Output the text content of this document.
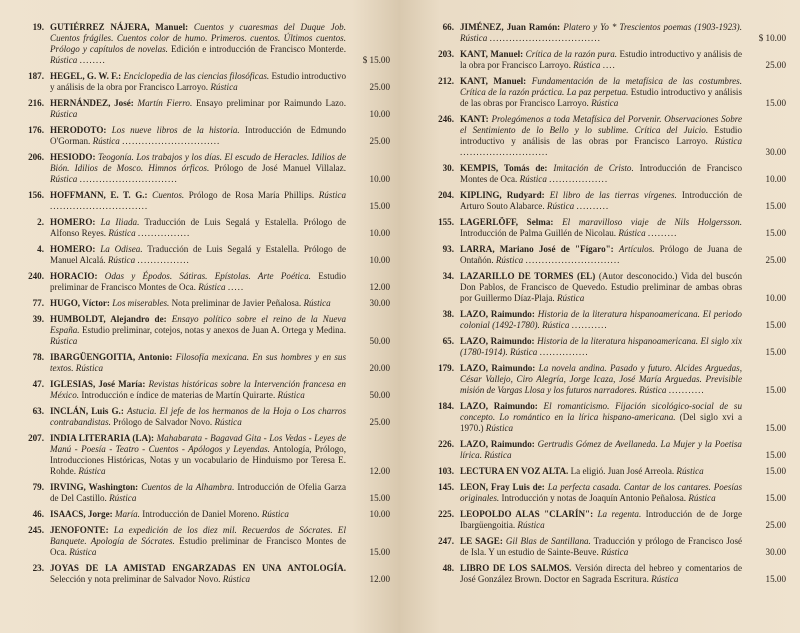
19. GUTIÉRREZ NÁJERA, Manuel: Cuentos y cuaresmas del Duque Job. Cuentos frágiles. Cuentos color de humo. Primeros. cuentos. Últimos cuentos. Prólogo y capítulos de novelas. Edición e introducción de Francisco Monterde. Rústica ........	$ 15.00
187. HEGEL, G. W. F.: Enciclopedia de las ciencias filosóficas. Estudio introductivo y análisis de la obra por Francisco Larroyo. Rústica	25.00
216. HERNÁNDEZ, José: Martín Fierro. Ensayo preliminar por Raimundo Lazo. Rústica	10.00
176. HERODOTO: Los nueve libros de la historia. Introducción de Edmundo O'Gorman. Rústica ..............................	25.00
206. HESIODO: Teogonía. Los trabajos y los días. El escudo de Heracles. Idilios de Bión. Idilios de Mosco. Himnos órficos. Prólogo de José Manuel Villalaz. Rústica ..............................	10.00
156. HOFFMANN, E. T. G.: Cuentos. Prólogo de Rosa María Phillips. Rústica ..............................	15.00
2. HOMERO: La Iliada. Traducción de Luis Segalá y Estalella. Prólogo de Alfonso Reyes. Rústica ................	10.00
4. HOMERO: La Odisea. Traducción de Luis Segalá y Estalella. Prólogo de Manuel Alcalá. Rústica ................	10.00
240. HORACIO: Odas y Épodos. Sátiras. Epístolas. Arte Poética. Estudio preliminar de Francisco Montes de Oca. Rústica .....	12.00
77. HUGO, Víctor: Los miserables. Nota preliminar de Javier Peñalosa. Rústica	30.00
39. HUMBOLDT, Alejandro de: Ensayo político sobre el reino de la Nueva España. Estudio preliminar, cotejos, notas y anexos de Juan A. Ortega y Medina. Rústica	50.00
78. IBARGÜENGOITIA, Antonio: Filosofía mexicana. En sus hombres y en sus textos. Rústica	20.00
47. IGLESIAS, José María: Revistas históricas sobre la Intervención francesa en México. Introducción e índice de materias de Martín Quirarte. Rústica	50.00
63. INCLÁN, Luis G.: Astucia. El jefe de los hermanos de la Hoja o Los charros contrabandistas. Prólogo de Salvador Novo. Rústica	25.00
207. INDIA LITERARIA (LA): Mahabarata - Bagavad Gita - Los Vedas - Leyes de Manú - Poesía - Teatro - Cuentos - Apólogos y Leyendas. Antología, Prólogo, Introducciones Históricas, Notas y un vocabulario de Hinduismo por Teresa E. Rohde. Rústica	12.00
79. IRVING, Washington: Cuentos de la Alhambra. Introducción de Ofelia Garza de Del Castillo. Rústica	15.00
46. ISAACS, Jorge: María. Introducción de Daniel Moreno. Rústica	10.00
245. JENOFONTE: La expedición de los diez mil. Recuerdos de Sócrates. El Banquete. Apología de Sócrates. Estudio preliminar de Francisco Montes de Oca. Rústica	15.00
23. JOYAS DE LA AMISTAD ENGARZADAS EN UNA ANTOLOGÍA. Selección y nota preliminar de Salvador Novo. Rústica	12.00
66. JIMÉNEZ, Juan Ramón: Platero y Yo * Trescientos poemas (1903-1923). Rústica ..................................	$ 10.00
203. KANT, Manuel: Crítica de la razón pura. Estudio introductivo y análisis de la obra por Francisco Larroyo. Rústica ....	25.00
212. KANT, Manuel: Fundamentación de la metafísica de las costumbres. Crítica de la razón práctica. La paz perpetua. Estudio introductivo y análisis de las obras por Francisco Larroyo. Rústica	15.00
246. KANT: Prolegómenos a toda Metafísica del Porvenir. Observaciones Sobre el Sentimiento de lo Bello y lo sublime. Crítica del Juicio. Estudio introductivo y análisis de las obras por Francisco Larroyo. Rústica ...........................	30.00
30. KEMPIS, Tomás de: Imitación de Cristo. Introducción de Francisco Montes de Oca. Rústica ..................	10.00
204. KIPLING, Rudyard: El libro de las tierras vírgenes. Introducción de Arturo Souto Alabarce. Rústica ..........	15.00
155. LAGERLÖFF, Selma: El maravilloso viaje de Nils Holgersson. Introducción de Palma Guillén de Nicolau. Rústica .........	15.00
93. LARRA, Mariano José de "Fígaro": Artículos. Prólogo de Juana de Ontañón. Rústica .............................	25.00
34. LAZARILLO DE TORMES (EL) (Autor desconocido.) Vida del buscón Don Pablos, de Francisco de Quevedo. Estudio preliminar de ambas obras por Guillermo Díaz-Plaja. Rústica	10.00
38. LAZO, Raimundo: Historia de la literatura hispanoamericana. El periodo colonial (1492-1780). Rústica ...........	15.00
65. LAZO, Raimundo: Historia de la literatura hispanoamericana. El siglo xix (1780-1914). Rústica ...............	15.00
179. LAZO, Raimundo: La novela andina. Pasado y futuro. Alcides Arguedas, César Vallejo, Ciro Alegría, Jorge Icaza, José María Arguedas. Previsible misión de Vargas Llosa y los futuros narradores. Rústica ...........	15.00
184. LAZO, Raimundo: El romanticismo. Fijación sicológico-social de su concepto. Lo romántico en la lírica hispano-americana. (Del siglo xvi a 1970.) Rústica	15.00
226. LAZO, Raimundo: Gertrudis Gómez de Avellaneda. La Mujer y la Poetisa lírica. Rústica	15.00
103. LECTURA EN VOZ ALTA. La eligió. Juan José Arreola. Rústica	15.00
145. LEON, Fray Luis de: La perfecta casada. Cantar de los cantares. Poesías originales. Introducción y notas de Joaquín Antonio Peñalosa. Rústica	15.00
225. LEOPOLDO ALAS "CLARÍN": La regenta. Introducción de de Jorge Ibargüengoitia. Rústica	25.00
247. LE SAGE: Gil Blas de Santillana. Traducción y prólogo de Francisco José de Isla. Y un estudio de Sainte-Beuve. Rústica	30.00
48. LIBRO DE LOS SALMOS. Versión directa del hebreo y comentarios de José González Brown. Doctor en Sagrada Escritura. Rústica	15.00
